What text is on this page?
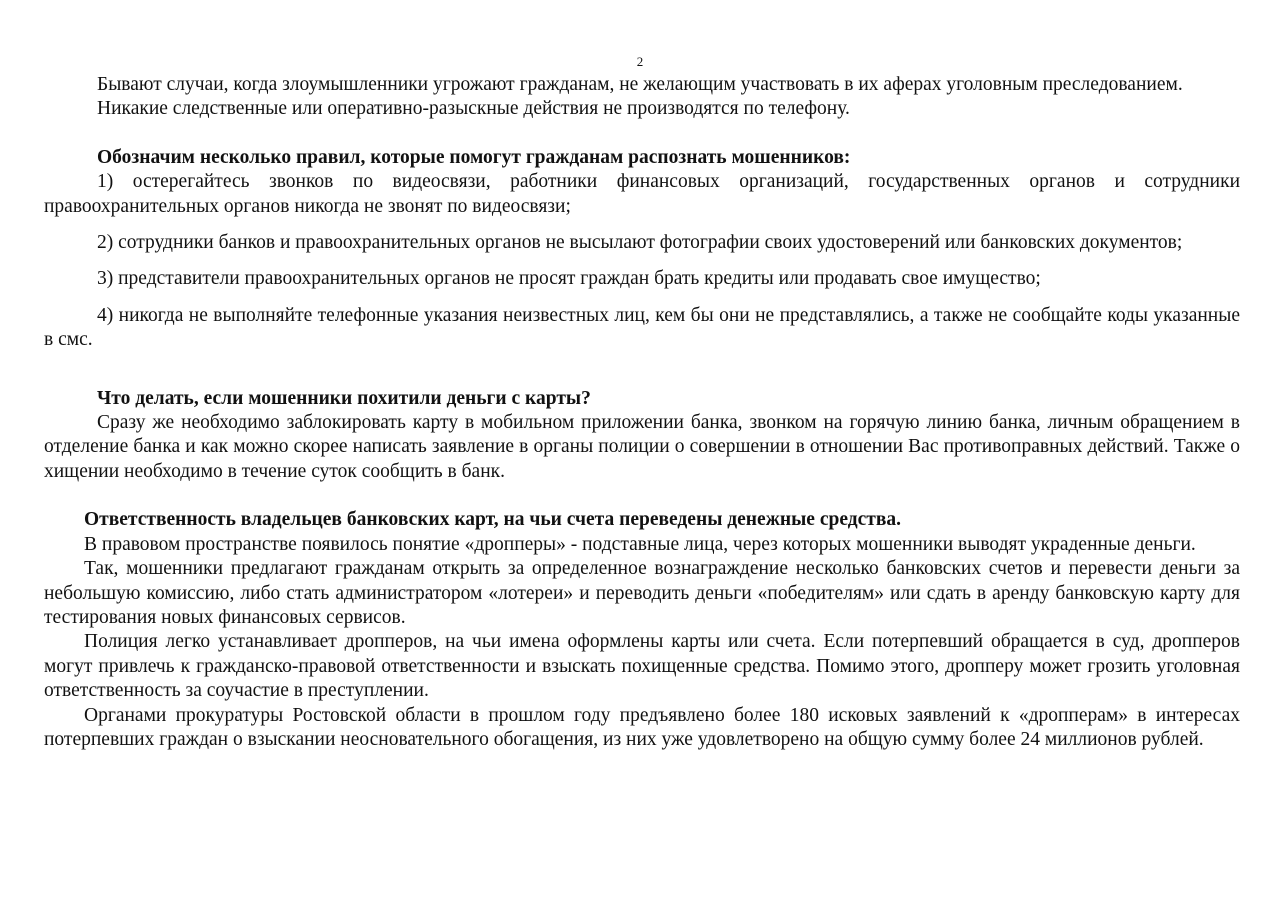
2

Бывают случаи, когда злоумышленники угрожают гражданам, не желающим участвовать в их аферах уголовным преследованием.

Никакие следственные или оперативно-разыскные действия не производятся по телефону.

Обозначим несколько правил, которые помогут гражданам распознать мошенников:

1) остерегайтесь звонков по видеосвязи, работники финансовых организаций, государственных органов и сотрудники правоохранительных органов никогда не звонят по видеосвязи;

2) сотрудники банков и правоохранительных органов не высылают фотографии своих удостоверений или банковских документов;

3) представители правоохранительных органов не просят граждан брать кредиты или продавать свое имущество;

4) никогда не выполняйте телефонные указания неизвестных лиц, кем бы они не представлялись, а также не сообщайте коды указанные в смс.

Что делать, если мошенники похитили деньги с карты?

Сразу же необходимо заблокировать карту в мобильном приложении банка, звонком на горячую линию банка, личным обращением в отделение банка и как можно скорее написать заявление в органы полиции о совершении в отношении Вас противоправных действий. Также о хищении необходимо в течение суток сообщить в банк.

Ответственность владельцев банковских карт, на чьи счета переведены денежные средства.

В правовом пространстве появилось понятие «дропперы» - подставные лица, через которых мошенники выводят украденные деньги.

Так, мошенники предлагают гражданам открыть за определенное вознаграждение несколько банковских счетов и перевести деньги за небольшую комиссию, либо стать администратором «лотереи» и переводить деньги «победителям» или сдать в аренду банковскую карту для тестирования новых финансовых сервисов.

Полиция легко устанавливает дропперов, на чьи имена оформлены карты или счета. Если потерпевший обращается в суд, дропперов могут привлечь к гражданско-правовой ответственности и взыскать похищенные средства. Помимо этого, дропперу может грозить уголовная ответственность за соучастие в преступлении.

Органами прокуратуры Ростовской области в прошлом году предъявлено более 180 исковых заявлений к «дропперам» в интересах потерпевших граждан о взыскании неосновательного обогащения, из них уже удовлетворено на общую сумму более 24 миллионов рублей.
